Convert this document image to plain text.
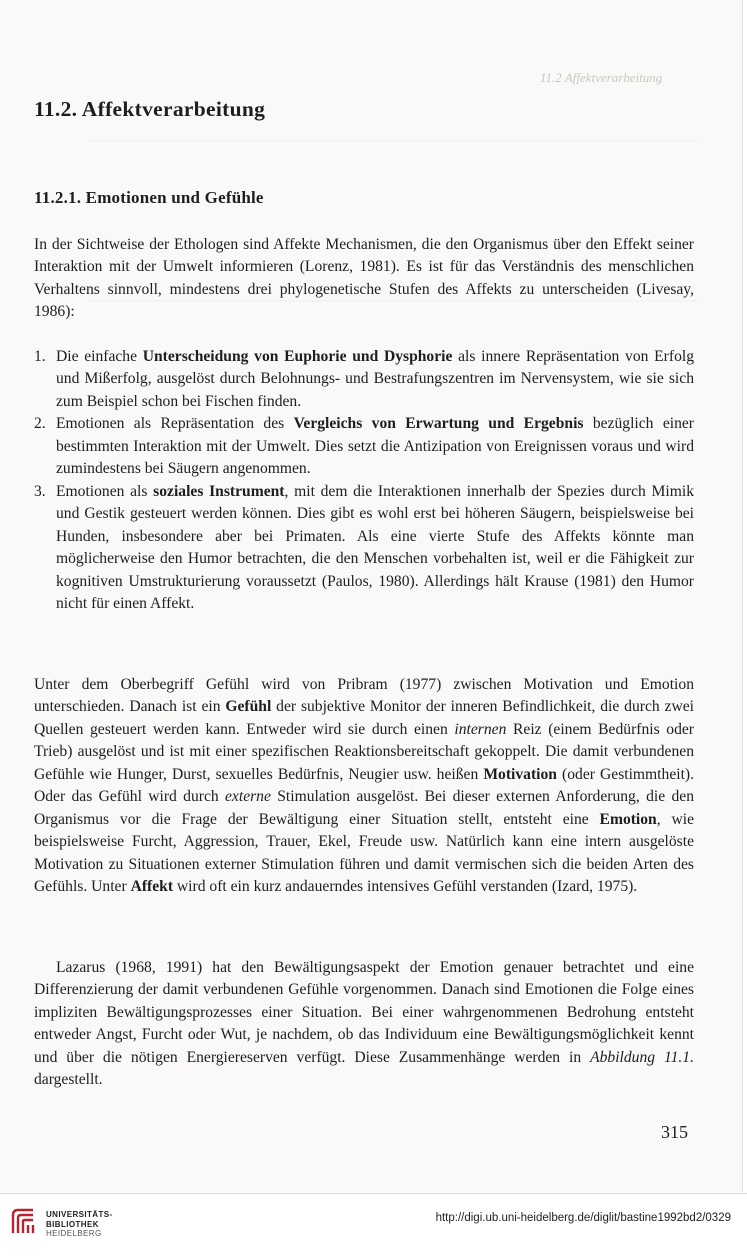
11.2 Affektverarbeitung
11.2. Affektverarbeitung
11.2.1. Emotionen und Gefühle
In der Sichtweise der Ethologen sind Affekte Mechanismen, die den Organismus über den Effekt seiner Interaktion mit der Umwelt informieren (Lorenz, 1981). Es ist für das Verständnis des menschlichen Verhaltens sinnvoll, mindestens drei phylogenetische Stufen des Affekts zu unterscheiden (Livesay, 1986):
1. Die einfache Unterscheidung von Euphorie und Dysphorie als innere Repräsentation von Erfolg und Mißerfolg, ausgelöst durch Belohnungs- und Bestrafungszentren im Nervensystem, wie sie sich zum Beispiel schon bei Fischen finden.
2. Emotionen als Repräsentation des Vergleichs von Erwartung und Ergebnis bezüglich einer bestimmten Interaktion mit der Umwelt. Dies setzt die Antizipation von Ereignissen voraus und wird zumindestens bei Säugern angenommen.
3. Emotionen als soziales Instrument, mit dem die Interaktionen innerhalb der Spezies durch Mimik und Gestik gesteuert werden können. Dies gibt es wohl erst bei höheren Säugern, beispielsweise bei Hunden, insbesondere aber bei Primaten. Als eine vierte Stufe des Affekts könnte man möglicherweise den Humor betrachten, die den Menschen vorbehalten ist, weil er die Fähigkeit zur kognitiven Umstrukturierung voraussetzt (Paulos, 1980). Allerdings hält Krause (1981) den Humor nicht für einen Affekt.
Unter dem Oberbegriff Gefühl wird von Pribram (1977) zwischen Motivation und Emotion unterschieden. Danach ist ein Gefühl der subjektive Monitor der inneren Befindlichkeit, die durch zwei Quellen gesteuert werden kann. Entweder wird sie durch einen internen Reiz (einem Bedürfnis oder Trieb) ausgelöst und ist mit einer spezifischen Reaktionsbereitschaft gekoppelt. Die damit verbundenen Gefühle wie Hunger, Durst, sexuelles Bedürfnis, Neugier usw. heißen Motivation (oder Gestimmtheit). Oder das Gefühl wird durch externe Stimulation ausgelöst. Bei dieser externen Anforderung, die den Organismus vor die Frage der Bewältigung einer Situation stellt, entsteht eine Emotion, wie beispielsweise Furcht, Aggression, Trauer, Ekel, Freude usw. Natürlich kann eine intern ausgelöste Motivation zu Situationen externer Stimulation führen und damit vermischen sich die beiden Arten des Gefühls. Unter Affekt wird oft ein kurz andauerndes intensives Gefühl verstanden (Izard, 1975).
Lazarus (1968, 1991) hat den Bewältigungsaspekt der Emotion genauer betrachtet und eine Differenzierung der damit verbundenen Gefühle vorgenommen. Danach sind Emotionen die Folge eines impliziten Bewältigungsprozesses einer Situation. Bei einer wahrgenommenen Bedrohung entsteht entweder Angst, Furcht oder Wut, je nachdem, ob das Individuum eine Bewältigungsmöglichkeit kennt und über die nötigen Energiereserven verfügt. Diese Zusammenhänge werden in Abbildung 11.1. dargestellt.
315
UNIVERSITÄTS-
BIBLIOTHEK
HEIDELBERG
http://digi.ub.uni-heidelberg.de/diglit/bastine1992bd2/0329
